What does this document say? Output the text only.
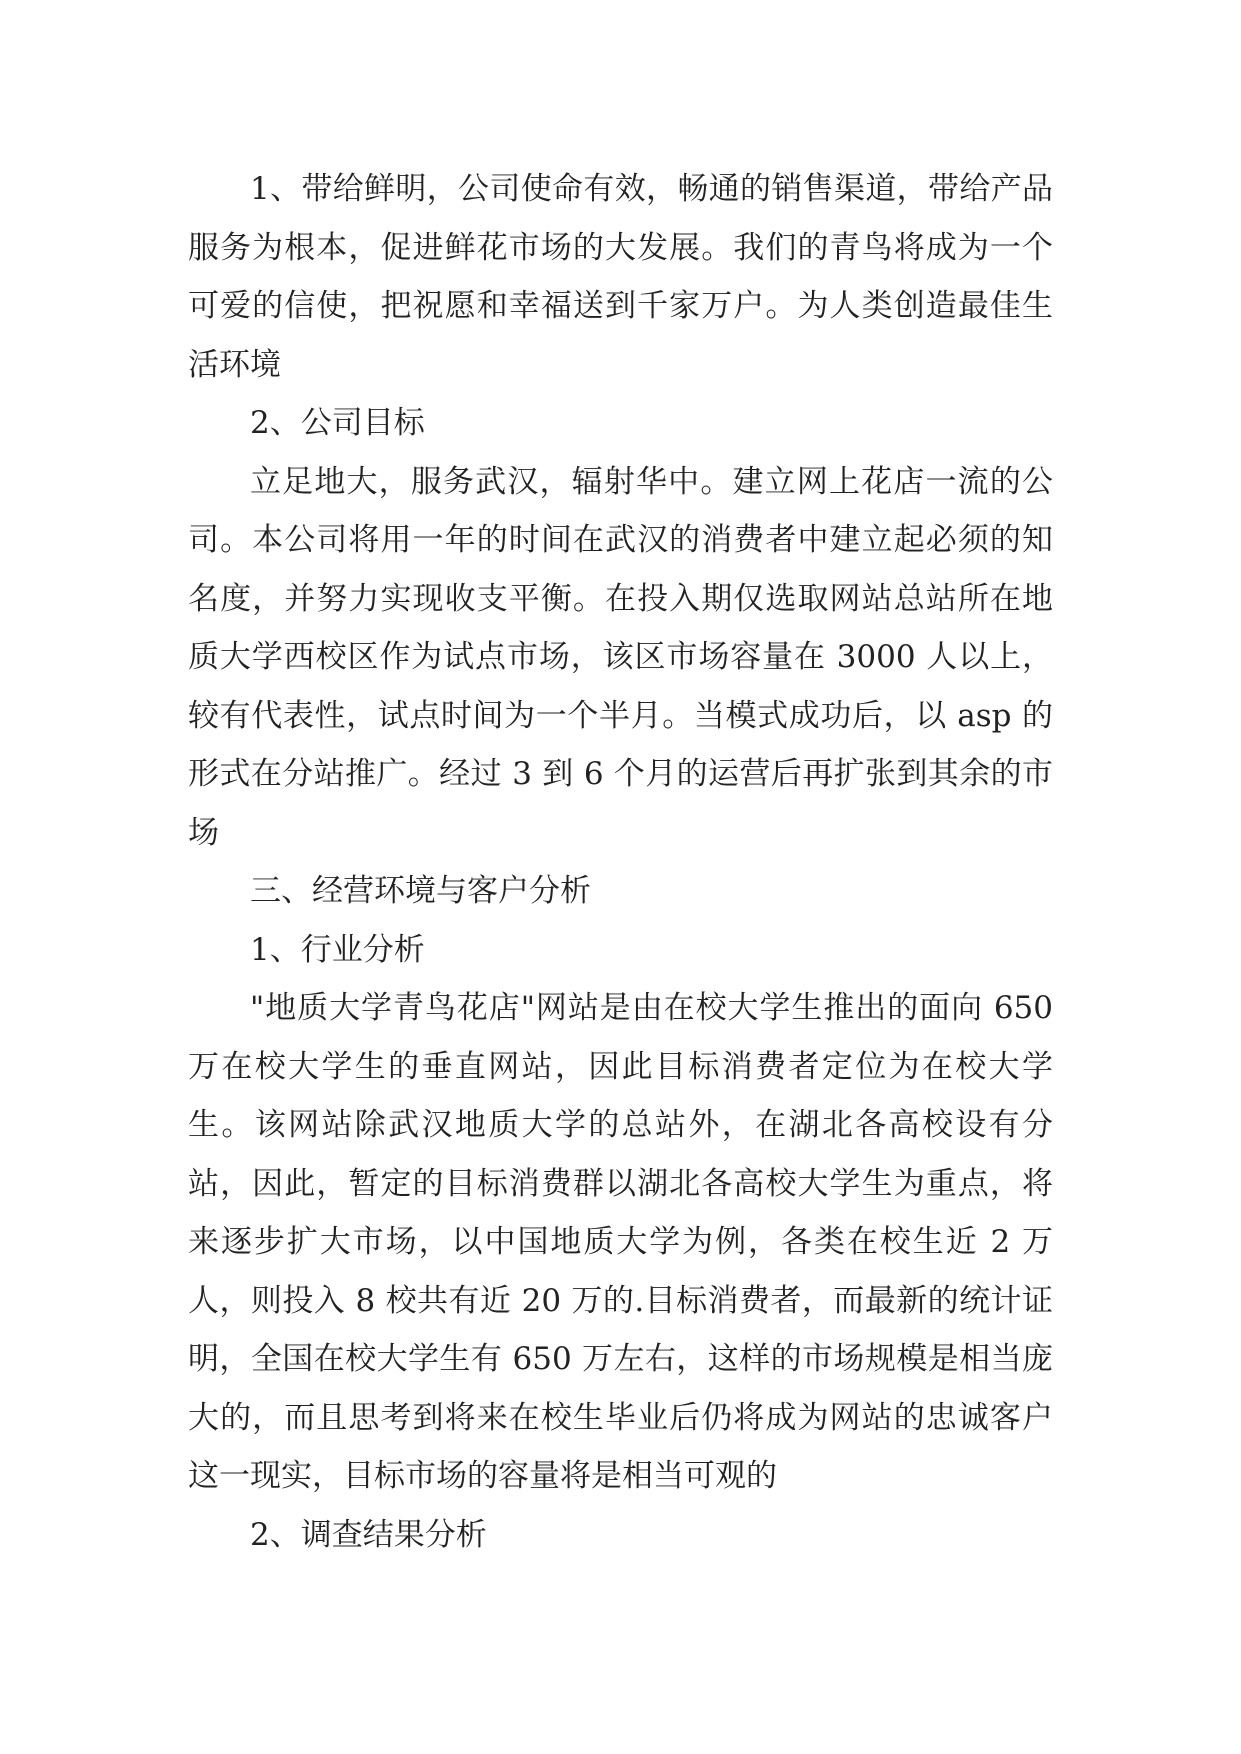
1、带给鲜明，公司使命有效，畅通的销售渠道，带给产品服务为根本，促进鲜花市场的大发展。我们的青鸟将成为一个可爱的信使，把祝愿和幸福送到千家万户。为人类创造最佳生活环境

2、公司目标

立足地大，服务武汉，辐射华中。建立网上花店一流的公司。本公司将用一年的时间在武汉的消费者中建立起必须的知名度，并努力实现收支平衡。在投入期仅选取网站总站所在地质大学西校区作为试点市场，该区市场容量在 3000 人以上，较有代表性，试点时间为一个半月。当模式成功后，以 asp 的形式在分站推广。经过 3 到 6 个月的运营后再扩张到其余的市场

三、经营环境与客户分析

1、行业分析

"地质大学青鸟花店"网站是由在校大学生推出的面向 650 万在校大学生的垂直网站，因此目标消费者定位为在校大学生。该网站除武汉地质大学的总站外，在湖北各高校设有分站，因此，暂定的目标消费群以湖北各高校大学生为重点，将来逐步扩大市场，以中国地质大学为例，各类在校生近 2 万人，则投入 8 校共有近 20 万的.目标消费者，而最新的统计证明，全国在校大学生有 650 万左右，这样的市场规模是相当庞大的，而且思考到将来在校生毕业后仍将成为网站的忠诚客户这一现实，目标市场的容量将是相当可观的

2、调查结果分析
